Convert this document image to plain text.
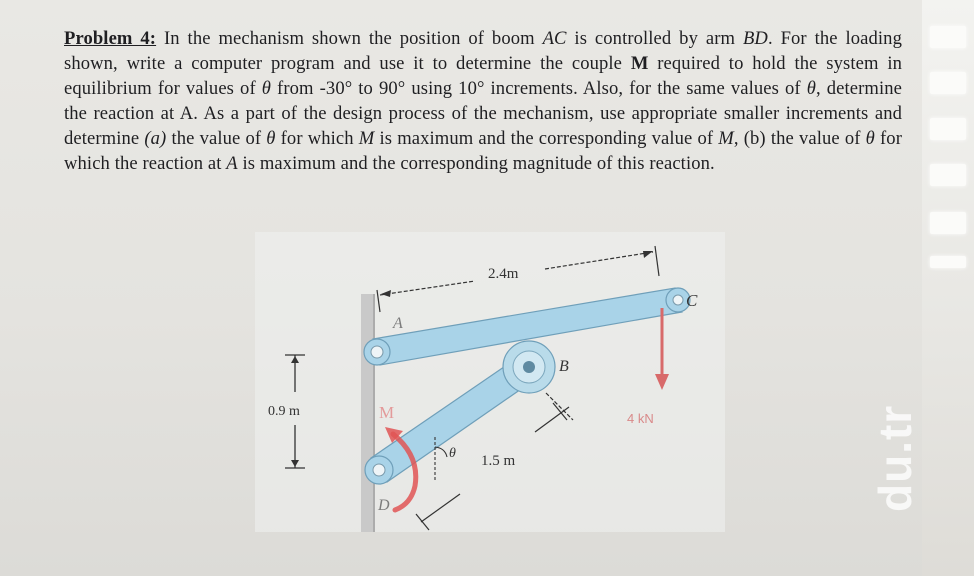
Problem 4: In the mechanism shown the position of boom AC is controlled by arm BD. For the loading shown, write a computer program and use it to determine the couple M required to hold the system in equilibrium for values of θ from -30° to 90° using 10° increments. Also, for the same values of θ, determine the reaction at A. As a part of the design process of the mechanism, use appropriate smaller increments and determine (a) the value of θ for which M is maximum and the corresponding value of M, (b) the value of θ for which the reaction at A is maximum and the corresponding magnitude of this reaction.
0.9 m
2.4m
1.5 m
θ
M	4 kN
A
B
C
D	du.tr
